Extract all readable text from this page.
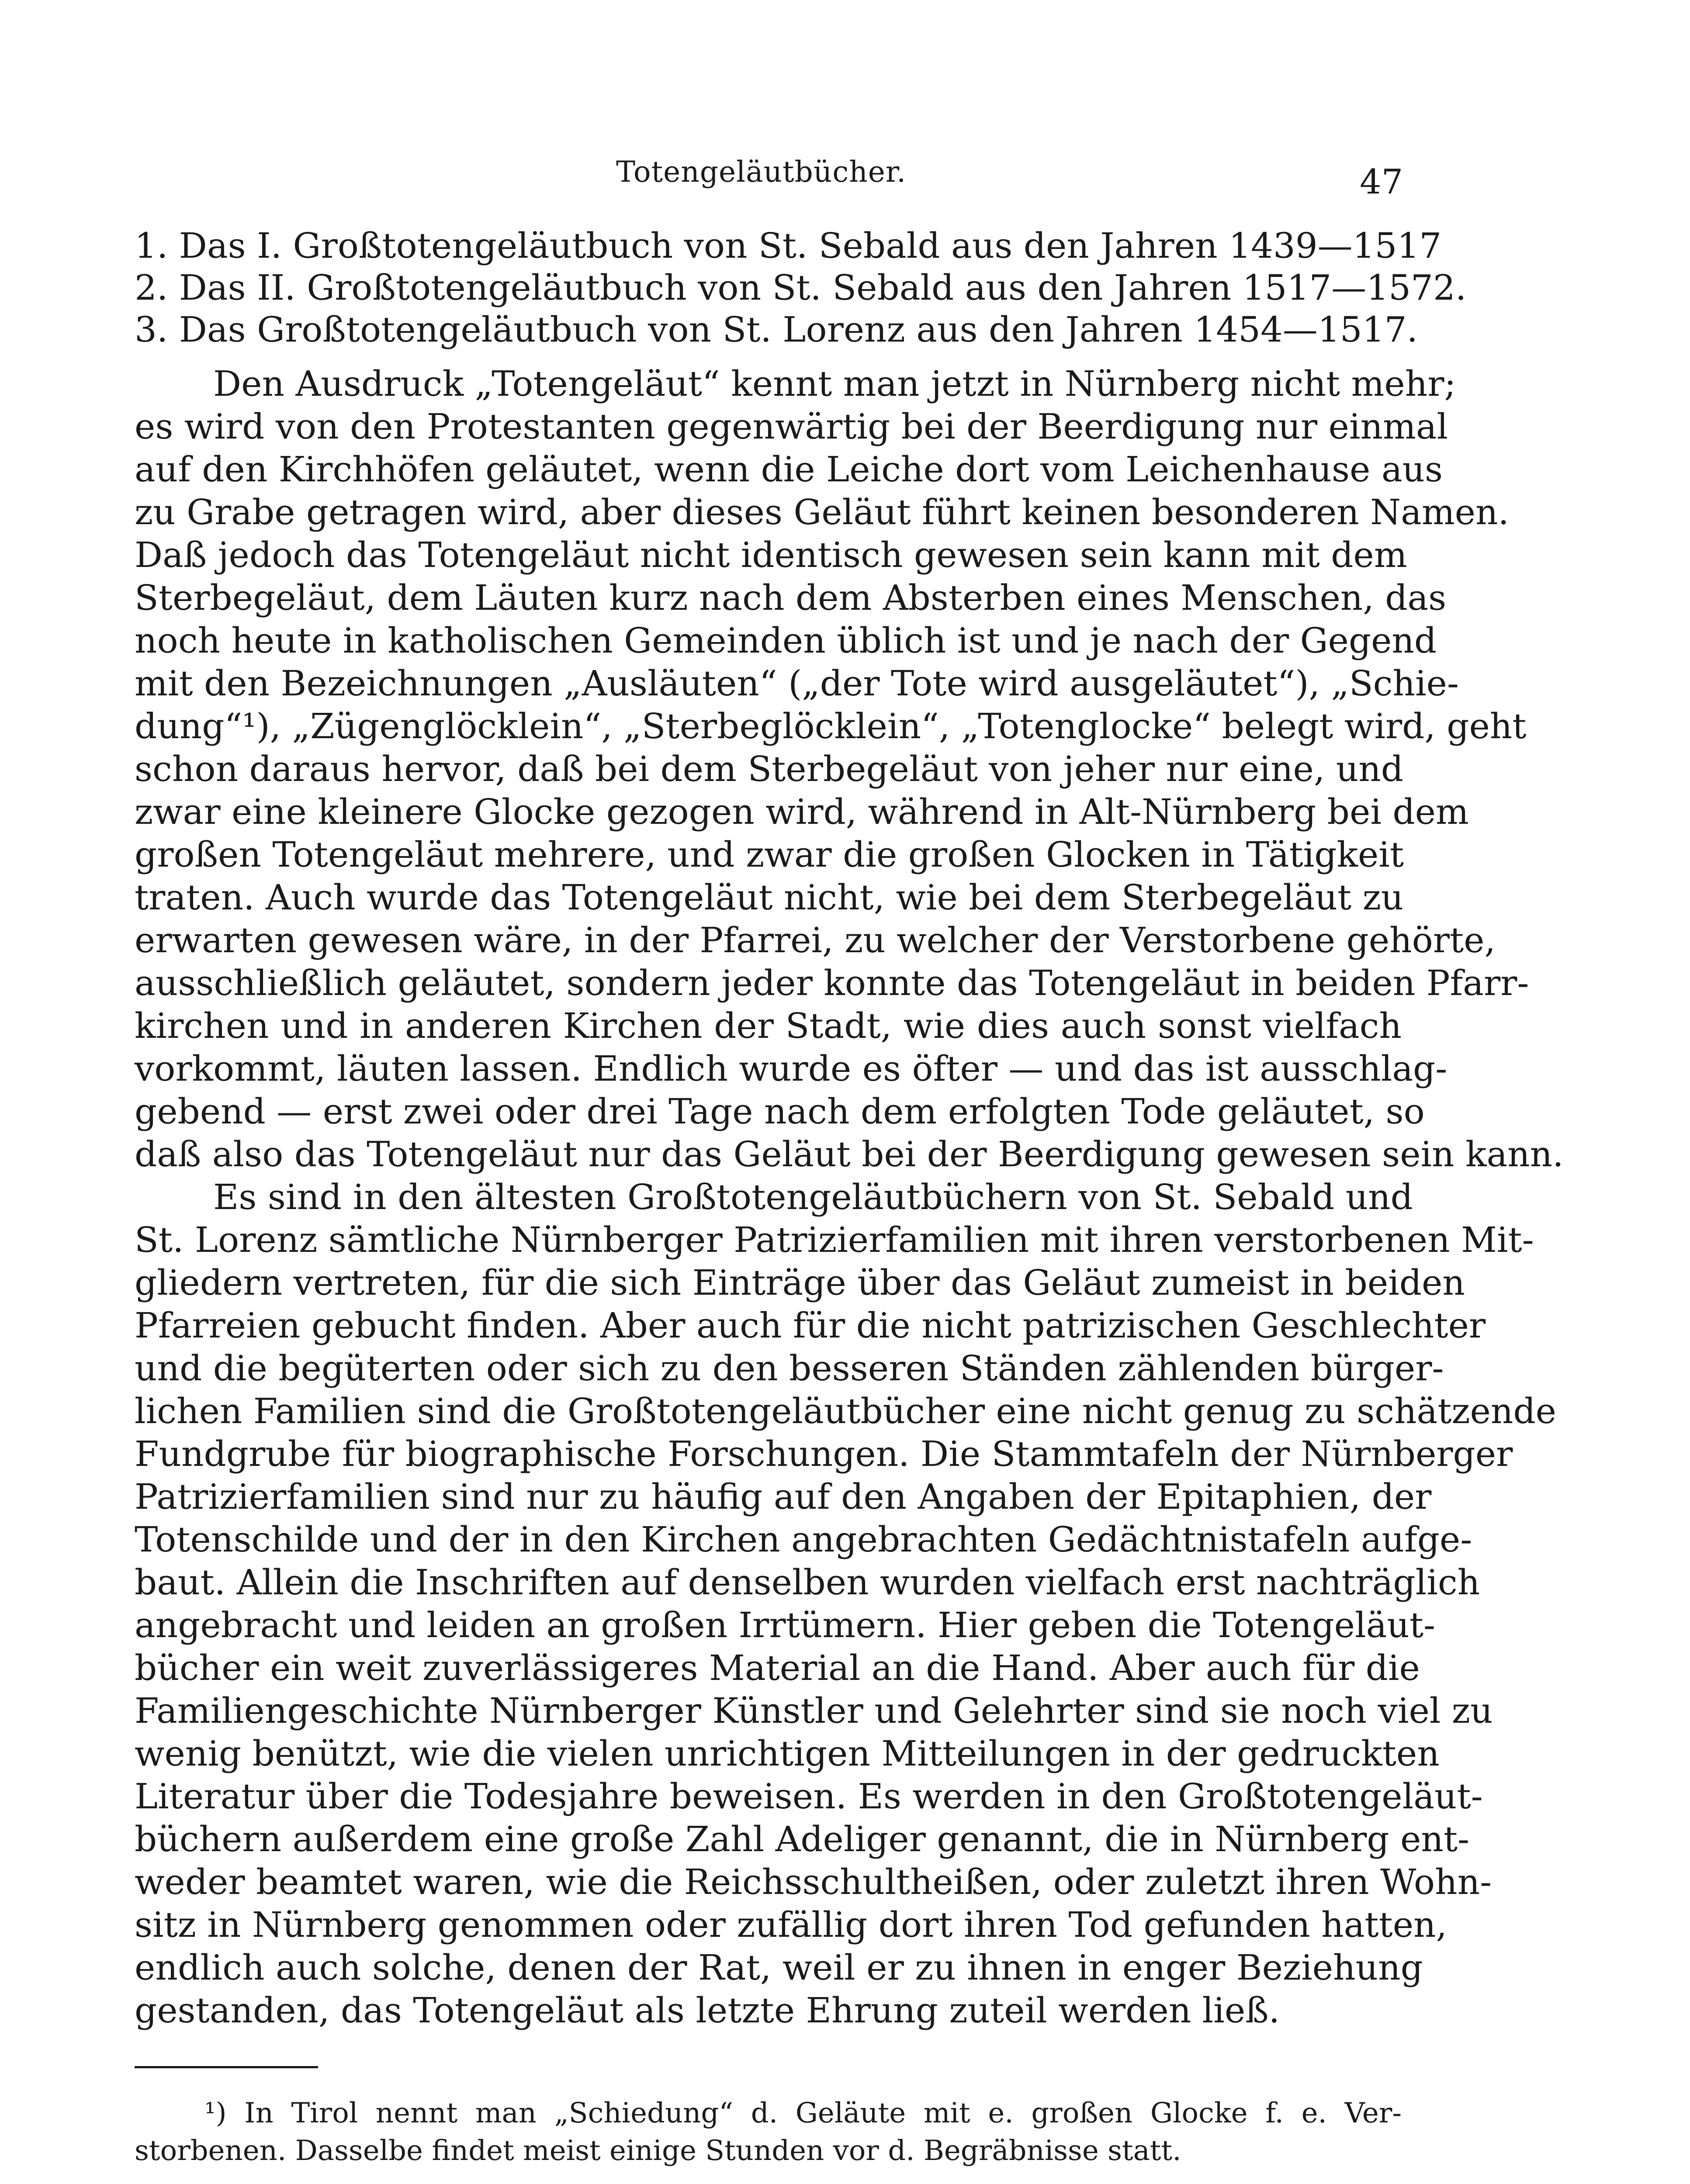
Totengeläutbücher.	47
1. Das I. Großtotengeläutbuch von St. Sebald aus den Jahren 1439—1517
2. Das II. Großtotengeläutbuch von St. Sebald aus den Jahren 1517—1572.
3. Das Großtotengeläutbuch von St. Lorenz aus den Jahren 1454—1517.
Den Ausdruck „Totengeläut“ kennt man jetzt in Nürnberg nicht mehr;
es wird von den Protestanten gegenwärtig bei der Beerdigung nur einmal
auf den Kirchhöfen geläutet, wenn die Leiche dort vom Leichenhause aus
zu Grabe getragen wird, aber dieses Geläut führt keinen besonderen Namen.
Daß jedoch das Totengeläut nicht identisch gewesen sein kann mit dem
Sterbegeläut, dem Läuten kurz nach dem Absterben eines Menschen, das
noch heute in katholischen Gemeinden üblich ist und je nach der Gegend
mit den Bezeichnungen „Ausläuten“ („der Tote wird ausgeläutet“), „Schie-
dung“¹), „Zügenglöcklein“, „Sterbeglöcklein“, „Totenglocke“ belegt wird, geht
schon daraus hervor, daß bei dem Sterbegeläut von jeher nur eine, und
zwar eine kleinere Glocke gezogen wird, während in Alt-Nürnberg bei dem
großen Totengeläut mehrere, und zwar die großen Glocken in Tätigkeit
traten. Auch wurde das Totengeläut nicht, wie bei dem Sterbegeläut zu
erwarten gewesen wäre, in der Pfarrei, zu welcher der Verstorbene gehörte,
ausschließlich geläutet, sondern jeder konnte das Totengeläut in beiden Pfarr-
kirchen und in anderen Kirchen der Stadt, wie dies auch sonst vielfach
vorkommt, läuten lassen. Endlich wurde es öfter — und das ist ausschlag-
gebend — erst zwei oder drei Tage nach dem erfolgten Tode geläutet, so
daß also das Totengeläut nur das Geläut bei der Beerdigung gewesen sein kann.
Es sind in den ältesten Großtotengeläutbüchern von St. Sebald und
St. Lorenz sämtliche Nürnberger Patrizierfamilien mit ihren verstorbenen Mit-
gliedern vertreten, für die sich Einträge über das Geläut zumeist in beiden
Pfarreien gebucht finden. Aber auch für die nicht patrizischen Geschlechter
und die begüterten oder sich zu den besseren Ständen zählenden bürger-
lichen Familien sind die Großtotengeläutbücher eine nicht genug zu schätzende
Fundgrube für biographische Forschungen. Die Stammtafeln der Nürnberger
Patrizierfamilien sind nur zu häufig auf den Angaben der Epitaphien, der
Totenschilde und der in den Kirchen angebrachten Gedächtnistafeln aufge-
baut. Allein die Inschriften auf denselben wurden vielfach erst nachträglich
angebracht und leiden an großen Irrtümern. Hier geben die Totengeläut-
bücher ein weit zuverlässigeres Material an die Hand. Aber auch für die
Familiengeschichte Nürnberger Künstler und Gelehrter sind sie noch viel zu
wenig benützt, wie die vielen unrichtigen Mitteilungen in der gedruckten
Literatur über die Todesjahre beweisen. Es werden in den Großtotengeläut-
büchern außerdem eine große Zahl Adeliger genannt, die in Nürnberg ent-
weder beamtet waren, wie die Reichsschultheißen, oder zuletzt ihren Wohn-
sitz in Nürnberg genommen oder zufällig dort ihren Tod gefunden hatten,
endlich auch solche, denen der Rat, weil er zu ihnen in enger Beziehung
gestanden, das Totengeläut als letzte Ehrung zuteil werden ließ.
¹) In Tirol nennt man „Schiedung“ d. Geläute mit e. großen Glocke f. e. Ver-
storbenen. Dasselbe findet meist einige Stunden vor d. Begräbnisse statt.
